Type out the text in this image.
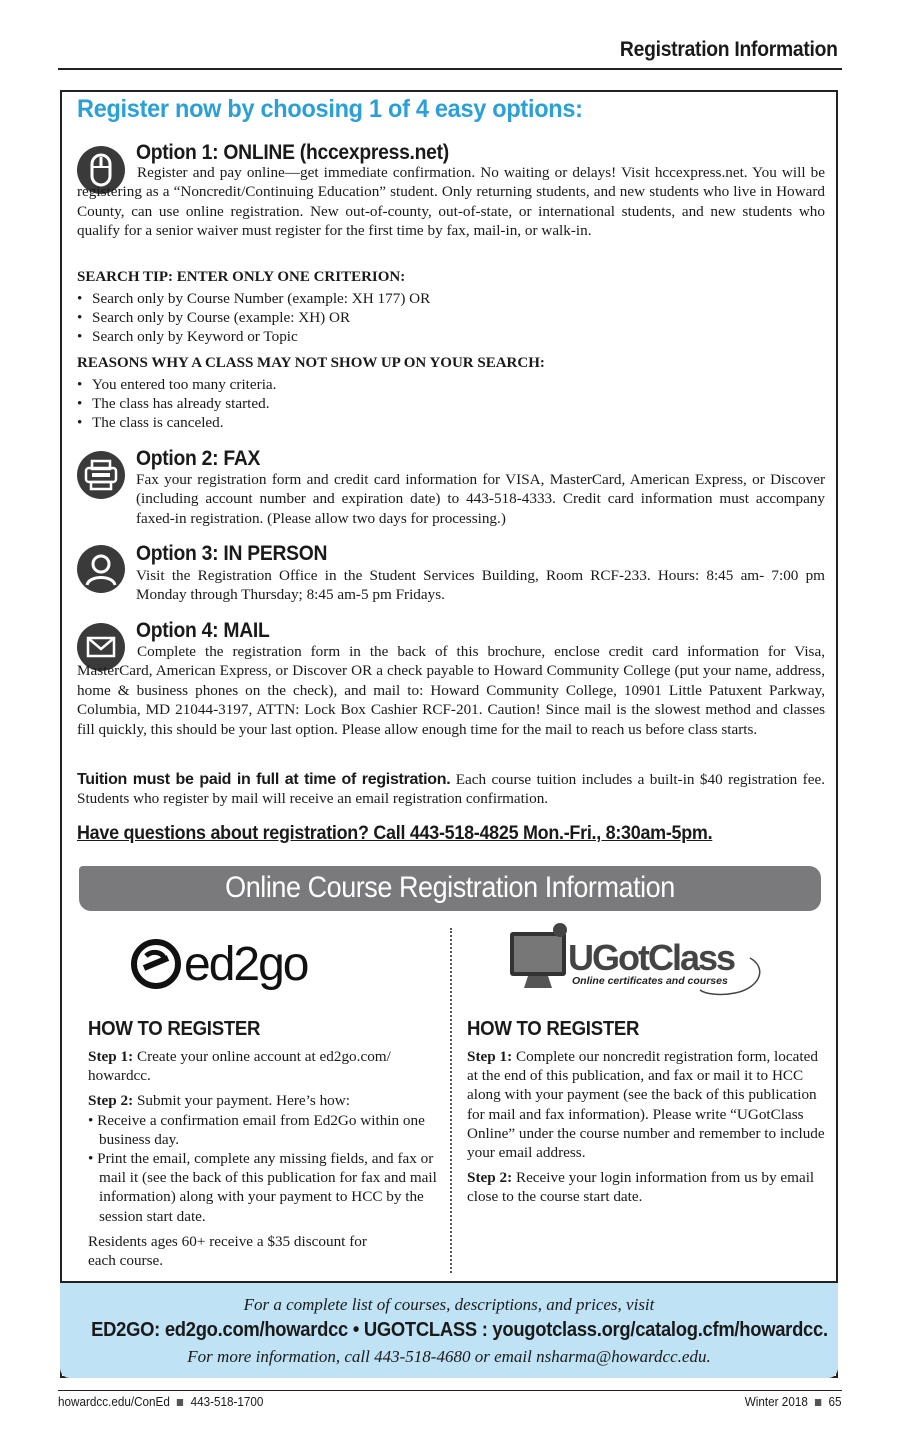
Registration Information
Register now by choosing 1 of 4 easy options:
Option 1: ONLINE (hccexpress.net)
Register and pay online—get immediate confirmation. No waiting or delays! Visit hccexpress.net. You will be registering as a “Noncredit/Continuing Education” student. Only returning students, and new students who live in Howard County, can use online registration. New out-of-county, out-of-state, or international students, and new students who qualify for a senior waiver must register for the first time by fax, mail-in, or walk-in.
SEARCH TIP: ENTER ONLY ONE CRITERION:
• Search only by Course Number (example: XH 177) OR
• Search only by Course (example: XH) OR
• Search only by Keyword or Topic
REASONS WHY A CLASS MAY NOT SHOW UP ON YOUR SEARCH:
• You entered too many criteria.
• The class has already started.
• The class is canceled.
Option 2: FAX
Fax your registration form and credit card information for VISA, MasterCard, American Express, or Discover (including account number and expiration date) to 443-518-4333. Credit card information must accompany faxed-in registration. (Please allow two days for processing.)
Option 3: IN PERSON
Visit the Registration Office in the Student Services Building, Room RCF-233. Hours: 8:45 am- 7:00 pm Monday through Thursday; 8:45 am-5 pm Fridays.
Option 4: MAIL
Complete the registration form in the back of this brochure, enclose credit card information for Visa, MasterCard, American Express, or Discover OR a check payable to Howard Community College (put your name, address, home & business phones on the check), and mail to: Howard Community College, 10901 Little Patuxent Parkway, Columbia, MD 21044-3197, ATTN: Lock Box Cashier RCF-201. Caution! Since mail is the slowest method and classes fill quickly, this should be your last option. Please allow enough time for the mail to reach us before class starts.
Tuition must be paid in full at time of registration. Each course tuition includes a built-in $40 registration fee. Students who register by mail will receive an email registration confirmation.
Have questions about registration? Call 443-518-4825 Mon.-Fri., 8:30am-5pm.
Online Course Registration Information
ed2go	UGotClass
Online certificates and courses
HOW TO REGISTER

Step 1: Create your online account at ed2go.com/ howardcc.

Step 2: Submit your payment. Here’s how:

• Receive a confirmation email from Ed2Go within one business day.
• Print the email, complete any missing fields, and fax or mail it (see the back of this publication for fax and mail information) along with your payment to HCC by the session start date.

Residents ages 60+ receive a $35 discount for each course.

HOW TO REGISTER

Step 1: Complete our noncredit registration form, located at the end of this publication, and fax or mail it to HCC along with your payment (see the back of this publication for mail and fax information). Please write “UGotClass Online” under the course number and remember to include your email address.

Step 2: Receive your login information from us by email close to the course start date.

For a complete list of courses, descriptions, and prices, visit
ED2GO: ed2go.com/howardcc • UGOTCLASS : yougotclass.org/catalog.cfm/howardcc.
For more information, call 443-518-4680 or email nsharma@howardcc.edu.
howardcc.edu/ConEd 443-518-1700	Winter 2018 65
